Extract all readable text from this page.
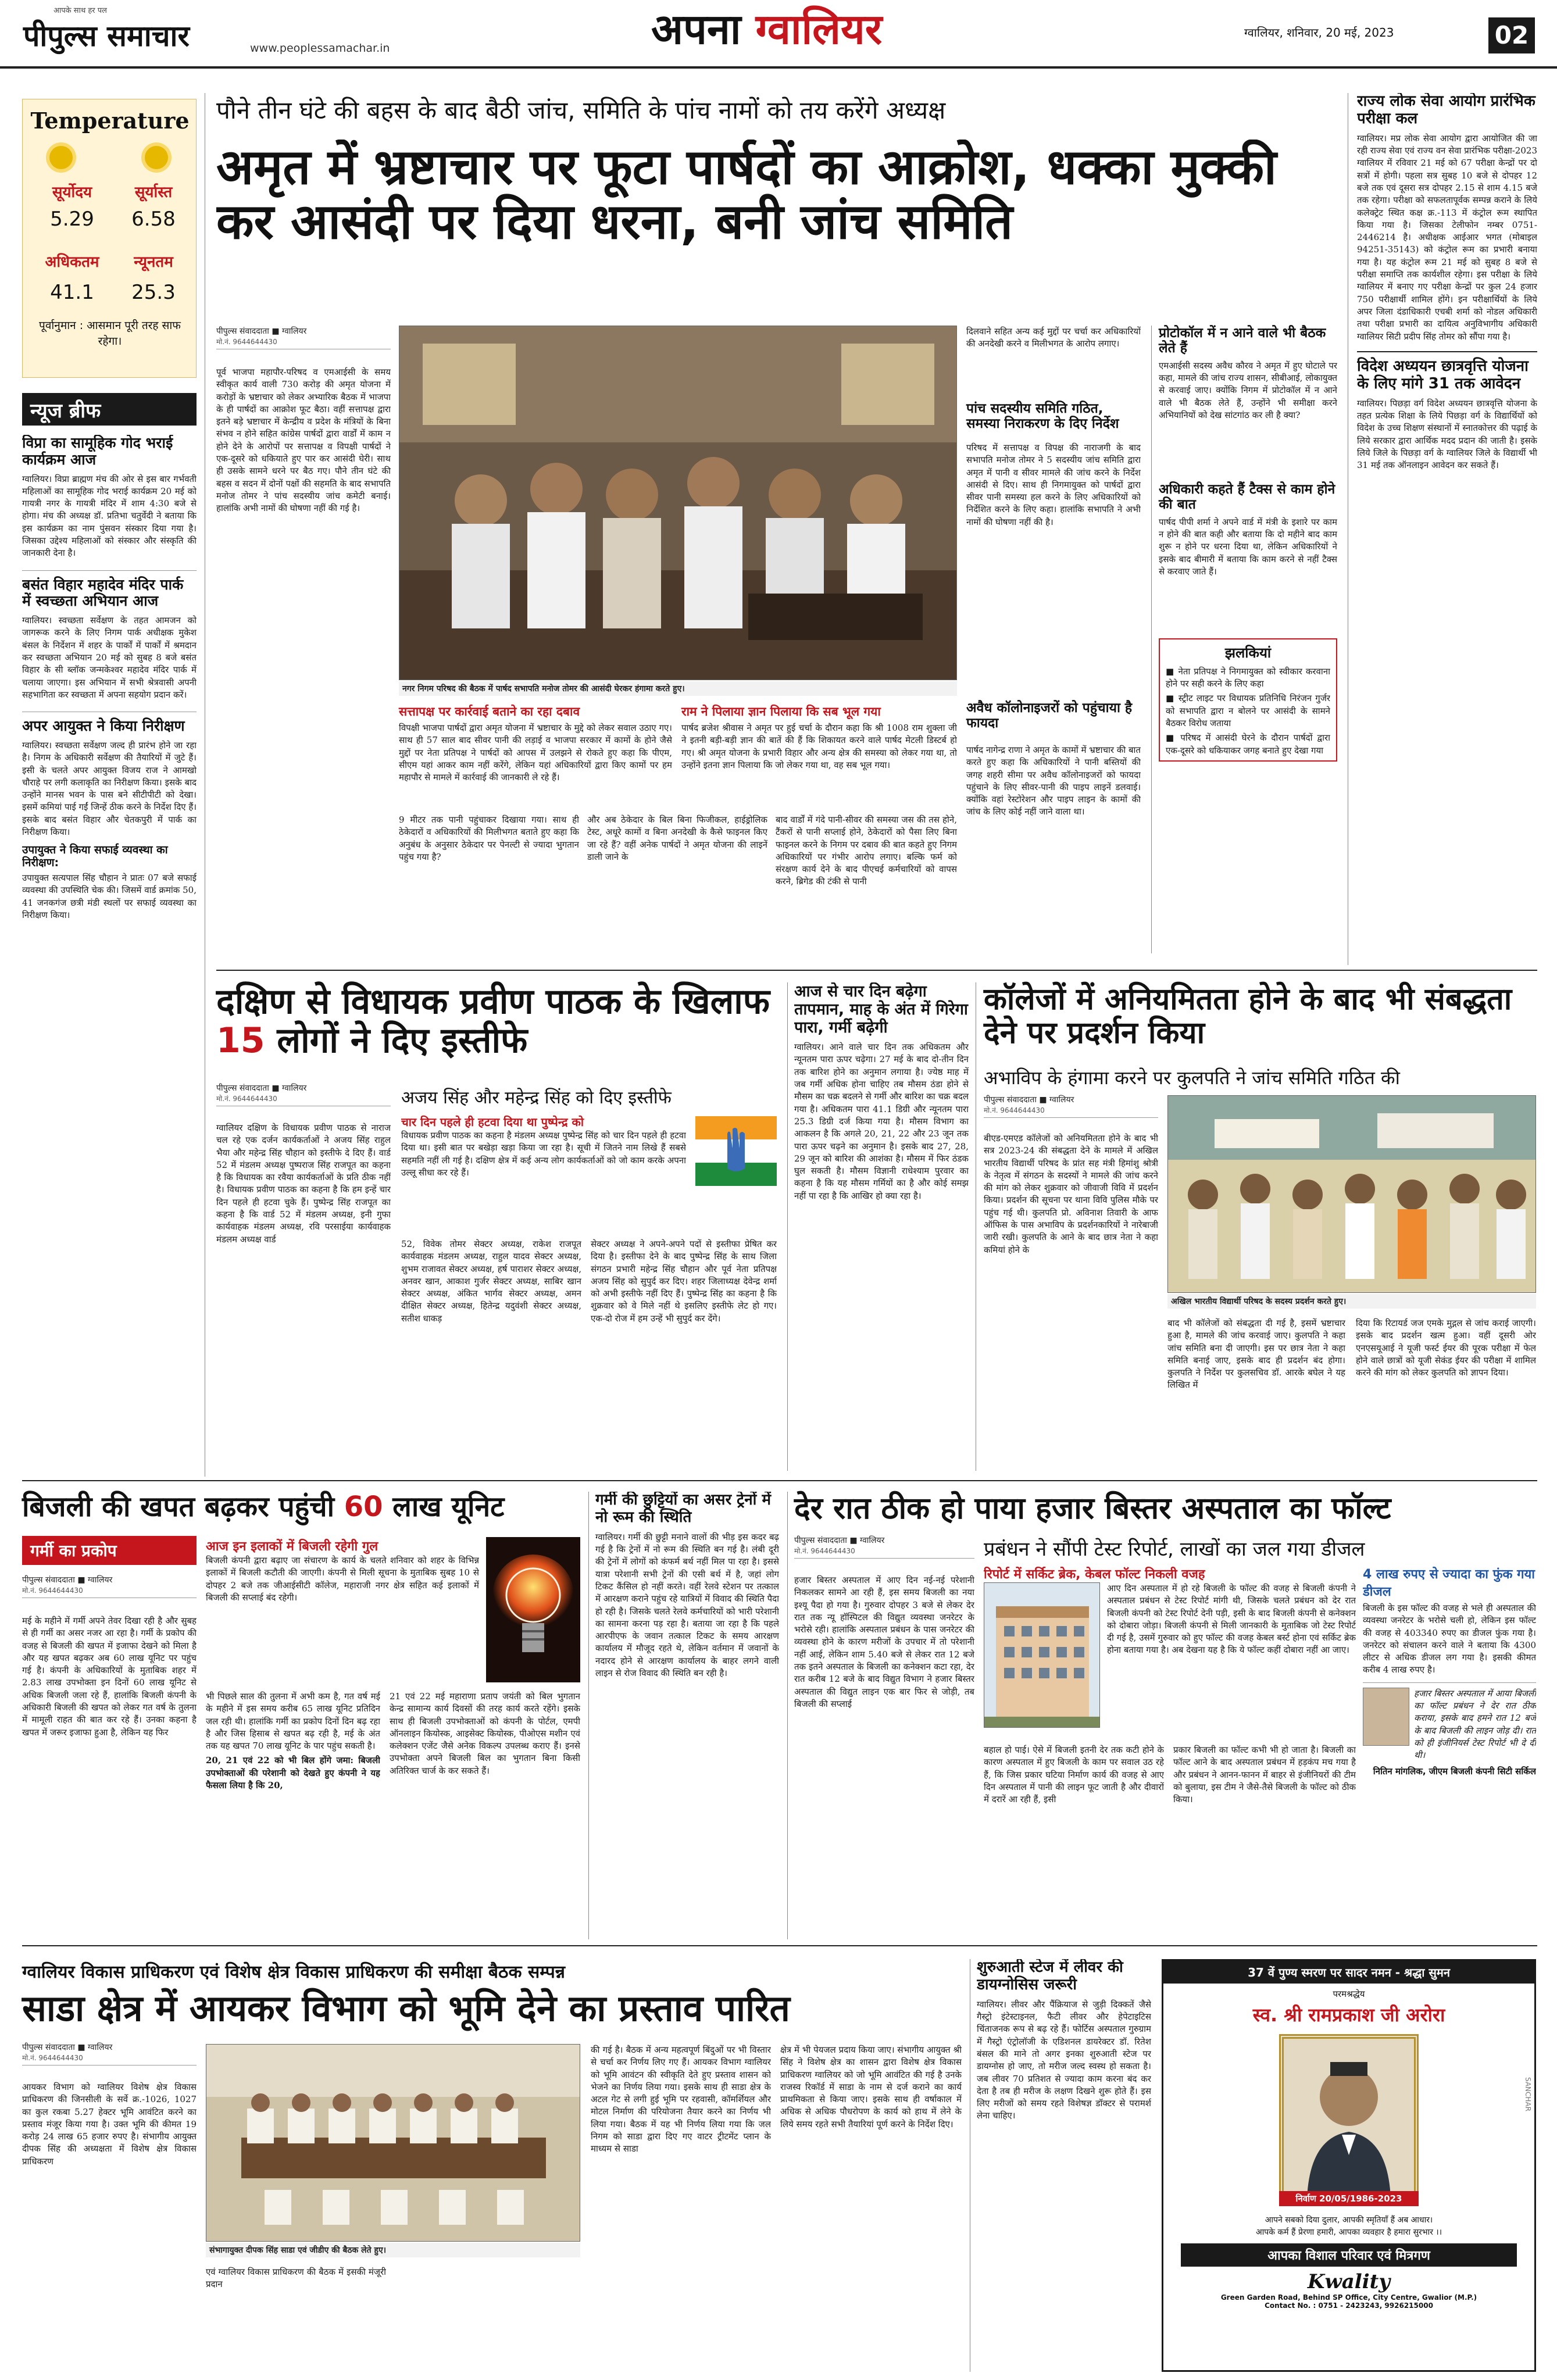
पीपुल्स समाचार
आपके साथ हर पल
www.peoplessamachar.in	अपना ग्वालियर	ग्वालियर, शनिवार, 20 मई, 2023	02
Temperature
सूर्योदय	सूर्यास्त
5.29	6.58
अधिकतम	न्यूनतम
41.1	25.3
पूर्वानुमान : आसमान पूरी तरह साफ रहेगा।
न्यूज ब्रीफ
विप्रा का सामूहिक गोद भराई कार्यक्रम आज
ग्वालियर। विप्रा ब्राह्मण मंच की ओर से इस बार गर्भवती महिलाओं का सामूहिक गोद भराई कार्यक्रम 20 मई को गायत्री नगर के गायत्री मंदिर में शाम 4:30 बजे से होगा। मंच की अध्यक्ष डॉ. प्रतिभा चतुर्वेदी ने बताया कि इस कार्यक्रम का नाम पुंसवन संस्कार दिया गया है। जिसका उद्देश्य महिलाओं को संस्कार और संस्कृति की जानकारी देना है।
बसंत विहार महादेव मंदिर पार्क में स्वच्छता अभियान आज
ग्वालियर। स्वच्छता सर्वेक्षण के तहत आमजन को जागरूक करने के लिए निगम पार्क अधीक्षक मुकेश बंसल के निर्देशन में शहर के पार्कों में पार्कों में श्रमदान कर स्वच्छता अभियान 20 मई को सुबह 8 बजे बसंत विहार के सी ब्लॉक जन्मकेश्वर महादेव मंदिर पार्क में चलाया जाएगा। इस अभियान में सभी श्रेत्रवासी अपनी सहभागिता कर स्वच्छता में अपना सहयोग प्रदान करें।
अपर आयुक्त ने किया निरीक्षण
ग्वालियर। स्वच्छता सर्वेक्षण जल्द ही प्रारंभ होने जा रहा है। निगम के अधिकारी सर्वेक्षण की तैयारियों में जुटे हैं। इसी के चलते अपर आयुक्त विजय राज ने आमखो चौराहे पर लगी कलाकृति का निरीक्षण किया। इसके बाद उन्होंने मानस भवन के पास बने सीटीपीटी को देखा। इसमें कमियां पाई गईं जिन्हें ठीक करने के निर्देश दिए हैं। इसके बाद बसंत विहार और चेतकपुरी में पार्क का निरीक्षण किया।
उपायुक्त ने किया सफाई व्यवस्था का निरीक्षण:
उपायुक्त सत्यपाल सिंह चौहान ने प्रातः 07 बजे सफाई व्यवस्था की उपस्थिति चेक की। जिसमें वार्ड क्रमांक 50, 41 जनकगंज छत्री मंडी स्थलों पर सफाई व्यवस्था का निरीक्षण किया।
पौने तीन घंटे की बहस के बाद बैठी जांच, समिति के पांच नामों को तय करेंगे अध्यक्ष
अमृत में भ्रष्टाचार पर फूटा पार्षदों का आक्रोश, धक्का मुक्की कर आसंदी पर दिया धरना, बनी जांच समिति
पीपुल्स संवाददाता ■ ग्वालियर
मो.नं. 9644644430
पूर्व भाजपा महापौर-परिषद व एमआईसी के समय स्वीकृत कार्य वाली 730 करोड़ की अमृत योजना में करोड़ों के भ्रष्टाचार को लेकर अभ्यारिक बैठक में भाजपा के ही पार्षदों का आक्रोश फूट बैठा। वहीं सत्तापक्ष द्वारा इतने बड़े भ्रष्टाचार में केन्द्रीय व प्रदेश के मंत्रियों के बिना संभव न होने सहित कांग्रेस पार्षदों द्वारा वार्डों में काम न होने देने के आरोपों पर सत्तापक्ष व विपक्षी पार्षदों ने एक-दूसरे को धकियाते हुए पार कर आसंदी घेरी। साथ ही उसके सामने धरने पर बैठ गए। पौने तीन घंटे की बहस व सदन में दोनों पक्षों की सहमति के बाद सभापति मनोज तोमर ने पांच सदस्यीय जांच कमेटी बनाई। हालांकि अभी नामों की घोषणा नहीं की गई है।
नगर निगम परिषद की बैठक में पार्षद सभापति मनोज तोमर की आसंदी घेरकर हंगामा करते हुए।
सत्तापक्ष पर कार्रवाई बताने का रहा दबाव
विपक्षी भाजपा पार्षदों द्वारा अमृत योजना में भ्रष्टाचार के मुद्दे को लेकर सवाल उठाए गए। साथ ही 57 साल बाद सीवर पानी की लड़ाई व भाजपा सरकार में कामों के होने जैसे मुद्दों पर नेता प्रतिपक्ष ने पार्षदों को आपस में उलझने से रोकते हुए कहा कि पीएम, सीएम यहां आकर काम नहीं करेंगे, लेकिन यहां अधिकारियों द्वारा किए कामों पर हम महापौर से मामले में कार्रवाई की जानकारी ले रहे हैं।
राम ने पिलाया ज्ञान पिलाया कि सब भूल गया
पार्षद ब्रजेश श्रीवास ने अमृत पर हुई चर्चा के दौरान कहा कि श्री 1008 राम शुक्ला जी ने इतनी बड़ी-बड़ी ज्ञान की बातें की हैं कि शिकायत करने वाले पार्षद मेटली डिस्टर्ब हो गए। श्री अमृत योजना के प्रभारी विहार और अन्य क्षेत्र की समस्या को लेकर गया था, तो उन्होंने इतना ज्ञान पिलाया कि जो लेकर गया था, वह सब भूल गया।
9 मीटर तक पानी पहुंचाकर दिखाया गया। साथ ही ठेकेदारों व अधिकारियों की मिलीभगत बताते हुए कहा कि अनुबंध के अनुसार ठेकेदार पर पेनल्टी से ज्यादा भुगतान पहुंच गया है?
और अब ठेकेदार के बिल बिना फिजीकल, हाईड्रोलिक टेस्ट, अधूरे कामों व बिना अनदेखी के कैसे फाइनल किए जा रहे हैं? वहीं अनेक पार्षदों ने अमृत योजना की लाइनें डाली जाने के
बाद वार्डों में गंदे पानी-सीवर की समस्या जस की तस होने, टैंकरों से पानी सप्लाई होने, ठेकेदारों को पैसा लिए बिना फाइनल करने के निगम पर दबाव की बात कहते हुए निगम अधिकारियों पर गंभीर आरोप लगाए। बल्कि फर्म को संरक्षण कार्य देने के बाद पीएचई कर्मचारियों को वापस करने, ब्रिगेड की टंकी से पानी
दिलवाने सहित अन्य कई मुद्दों पर चर्चा कर अधिकारियों की अनदेखी करने व मिलीभगत के आरोप लगाए।
पांच सदस्यीय समिति गठित, समस्या निराकरण के दिए निर्देश
परिषद में सत्तापक्ष व विपक्ष की नाराजगी के बाद सभापति मनोज तोमर ने 5 सदस्यीय जांच समिति द्वारा अमृत में पानी व सीवर मामले की जांच करने के निर्देश आसंदी से दिए। साथ ही निगमायुक्त को पार्षदों द्वारा सीवर पानी समस्या हल करने के लिए अधिकारियों को निर्देशित करने के लिए कहा। हालांकि सभापति ने अभी नामों की घोषणा नहीं की है।
अवैध कॉलोनाइजरों को पहुंचाया है फायदा
पार्षद नागेन्द्र राणा ने अमृत के कामों में भ्रष्टाचार की बात करते हुए कहा कि अधिकारियों ने पानी बस्तियों की जगह शहरी सीमा पर अवैध कॉलोनाइजरों को फायदा पहुंचाने के लिए सीवर-पानी की पाइप लाइनें डलवाई। क्योंकि वहां रेस्टोरेशन और पाइप लाइन के कामों की जांच के लिए कोई नहीं जाने वाला था।
प्रोटोकॉल में न आने वाले भी बैठक लेते हैं
एमआईसी सदस्य अवैध कौरव ने अमृत में हुए घोटाले पर कहा, मामले की जांच राज्य शासन, सीबीआई, लोकायुक्त से करवाई जाए। क्योंकि निगम में प्रोटोकॉल में न आने वाले भी बैठक लेते हैं, उन्होंने भी समीक्षा करने अभियानियों को देख सांटगांठ कर ली है क्या?
अधिकारी कहते हैं टैक्स से काम होने की बात
पार्षद पीपी शर्मा ने अपने वार्ड में मंत्री के इशारे पर काम न होने की बात कही और बताया कि दो महीने बाद काम शुरू न होने पर धरना दिया था, लेकिन अधिकारियों ने इसके बाद बीमारी में बताया कि काम करने से नहीं टैक्स से करवाए जाते हैं।
झलकियां
■ नेता प्रतिपक्ष ने निगमायुक्त को स्वीकार करवाना होने पर सही करने के लिए कहा
■ स्ट्रीट लाइट पर विधायक प्रतिनिधि निरंजन गुर्जर को सभापति द्वारा न बोलने पर आसंदी के सामने बैठकर विरोध जताया
■ परिषद में आसंदी घेरने के दौरान पार्षदों द्वारा एक-दूसरे को धकियाकर जगह बनाते हुए देखा गया
राज्य लोक सेवा आयोग प्रारंभिक परीक्षा कल
ग्वालियर। मप्र लोक सेवा आयोग द्वारा आयोजित की जा रही राज्य सेवा एवं राज्य वन सेवा प्रारंभिक परीक्षा-2023 ग्वालियर में रविवार 21 मई को 67 परीक्षा केन्द्रों पर दो सत्रों में होगी। पहला सत्र सुबह 10 बजे से दोपहर 12 बजे तक एवं दूसरा सत्र दोपहर 2.15 से शाम 4.15 बजे तक रहेगा। परीक्षा को सफलतापूर्वक सम्पन्न कराने के लिये कलेक्ट्रेट स्थित कक्ष क्र.-113 में कंट्रोल रूम स्थापित किया गया है। जिसका टेलीफोन नम्बर 0751-2446214 है। अधीक्षक आईआर भगत (मोबाइल 94251-35143) को कंट्रोल रूम का प्रभारी बनाया गया है। यह कंट्रोल रूम 21 मई को सुबह 8 बजे से परीक्षा समाप्ति तक कार्यशील रहेगा। इस परीक्षा के लिये ग्वालियर में बनाए गए परीक्षा केन्द्रों पर कुल 24 हजार 750 परीक्षार्थी शामिल होंगे। इन परीक्षार्थियों के लिये अपर जिला दंडाधिकारी एचबी शर्मा को नोडल अधिकारी तथा परीक्षा प्रभारी का दायित्व अनुविभागीय अधिकारी ग्वालियर सिटी प्रदीप सिंह तोमर को सौंपा गया है।
विदेश अध्ययन छात्रवृत्ति योजना के लिए मांगे 31 तक आवेदन
ग्वालियर। पिछड़ा वर्ग विदेश अध्ययन छात्रवृत्ति योजना के तहत प्रत्येक शिक्षा के लिये पिछड़ा वर्ग के विद्यार्थियों को विदेश के उच्च शिक्षण संस्थानों में स्नातकोत्तर की पढ़ाई के लिये सरकार द्वारा आर्थिक मदद प्रदान की जाती है। इसके लिये जिले के पिछड़ा वर्ग के ग्वालियर जिले के विद्यार्थी भी 31 मई तक ऑनलाइन आवेदन कर सकते हैं।
दक्षिण से विधायक प्रवीण पाठक के खिलाफ 15 लोगों ने दिए इस्तीफे
पीपुल्स संवाददाता ■ ग्वालियर
मो.नं. 9644644430	अजय सिंह और महेन्द्र सिंह को दिए इस्तीफे
चार दिन पहले ही हटवा दिया था पुष्पेन्द्र को
विधायक प्रवीण पाठक का कहना है मंडलम अध्यक्ष पुष्पेन्द्र सिंह को चार दिन पहले ही हटवा दिया था। इसी बात पर बखेड़ा खड़ा किया जा रहा है। सूची में जितने नाम लिखे हैं सबसे सहमति नहीं ली गई है। दक्षिण क्षेत्र में कई अन्य लोग कार्यकर्ताओं को जो काम करके अपना उल्लू सीधा कर रहे हैं।
ग्वालियर दक्षिण के विधायक प्रवीण पाठक से नाराज चल रहे एक दर्जन कार्यकर्ताओं ने अजय सिंह राहुल भैया और महेन्द्र सिंह चौहान को इस्तीफे दे दिए हैं। वार्ड 52 में मंडलम अध्यक्ष पुष्पराज सिंह राजपूत का कहना है कि विधायक का रवैया कार्यकर्ताओं के प्रति ठीक नहीं है। विधायक प्रवीण पाठक का कहना है कि हम इन्हें चार दिन पहले ही हटवा चुके हैं। पुष्पेन्द्र सिंह राजपूत का कहना है कि वार्ड 52 में मंडलम अध्यक्ष, इनी गुफा कार्यवाहक मंडलम अध्यक्ष, रवि परसाईया कार्यवाहक मंडलम अध्यक्ष वार्ड	52, विवेक तोमर सेक्टर अध्यक्ष, राकेश राजपूत कार्यवाहक मंडलम अध्यक्ष, राहुल यादव सेक्टर अध्यक्ष, शुभम राजावत सेक्टर अध्यक्ष, हर्ष पाराशर सेक्टर अध्यक्ष, अनवर खान, आकाश गुर्जर सेक्टर अध्यक्ष, साबिर खान सेक्टर अध्यक्ष, अंकित भार्गव सेक्टर अध्यक्ष, अमन दीक्षित सेक्टर अध्यक्ष, हितेन्द्र यदुवंशी सेक्टर अध्यक्ष, सतीश धाकड़
सेक्टर अध्यक्ष ने अपने-अपने पदों से इस्तीफा प्रेषित कर दिया है। इस्तीफा देने के बाद पुष्पेन्द्र सिंह के साथ जिला संगठन प्रभारी महेन्द्र सिंह चौहान और पूर्व नेता प्रतिपक्ष अजय सिंह को सुपुर्द कर दिए। शहर जिलाध्यक्ष देवेन्द्र शर्मा को अभी इस्तीफे नहीं दिए हैं। पुष्पेन्द्र सिंह का कहना है कि शुक्रवार को वे मिले नहीं थे इसलिए इस्तीफे लेट हो गए। एक-दो रोज में हम उन्हें भी सुपुर्द कर देंगे।
आज से चार दिन बढ़ेगा तापमान, माह के अंत में गिरेगा पारा, गर्मी बढ़ेगी
ग्वालियर। आने वाले चार दिन तक अधिकतम और न्यूनतम पारा ऊपर चढ़ेगा। 27 मई के बाद दो-तीन दिन तक बारिश होने का अनुमान लगाया है। ज्येष्ठ माह में जब गर्मी अधिक होना चाहिए तब मौसम ठंडा होने से मौसम का चक्र बदलने से गर्मी और बारिश का चक्र बदल गया है। अधिकतम पारा 41.1 डिग्री और न्यूनतम पारा 25.3 डिग्री दर्ज किया गया है। मौसम विभाग का आकलन है कि अगले 20, 21, 22 और 23 जून तक पारा ऊपर चढ़ने का अनुमान है। इसके बाद 27, 28, 29 जून को बारिश की आशंका है। मौसम में फिर ठंडक घुल सकती है। मौसम विज्ञानी राधेश्याम पुरवार का कहना है कि यह मौसम गर्मियों का है और कोई समझ नहीं पा रहा है कि आखिर हो क्या रहा है।
कॉलेजों में अनियमितता होने के बाद भी संबद्धता देने पर प्रदर्शन किया
अभाविप के हंगामा करने पर कुलपति ने जांच समिति गठित की
पीपुल्स संवाददाता ■ ग्वालियर
मो.नं. 9644644430
बीएड-एमएड कॉलेजों को अनियमितता होने के बाद भी सत्र 2023-24 की संबद्धता देने के मामले में अखिल भारतीय विद्यार्थी परिषद के प्रांत सह मंत्री हिमांशु श्रोत्री के नेतृत्व में संगठन के सदस्यों ने मामले की जांच करने की मांग को लेकर शुक्रवार को जीवाजी विवि में प्रदर्शन किया। प्रदर्शन की सूचना पर थाना विवि पुलिस मौके पर पहुंच गई थी। कुलपति प्रो. अविनाश तिवारी के आफ ऑफिस के पास अभाविप के प्रदर्शनकारियों ने नारेबाजी जारी रखी। कुलपति के आने के बाद छात्र नेता ने कहा कमियां होने के
अखिल भारतीय विद्यार्थी परिषद के सदस्य प्रदर्शन करते हुए।
बाद भी कॉलेजों को संबद्धता दी गई है, इसमें भ्रष्टाचार हुआ है, मामले की जांच करवाई जाए। कुलपति ने कहा जांच समिति बना दी जाएगी। इस पर छात्र नेता ने कहा समिति बनाई जाए, इसके बाद ही प्रदर्शन बंद होगा। कुलपति ने निर्देश पर कुलसचिव डॉ. आरके बघेल ने यह लिखित में
दिया कि रिटायर्ड जज एमके मुद्गल से जांच कराई जाएगी। इसके बाद प्रदर्शन खत्म हुआ। वहीं दूसरी ओर एनएसयूआई ने यूजी फर्स्ट ईयर की पूरक परीक्षा में फेल होने वाले छात्रों को यूजी सेकंड ईयर की परीक्षा में शामिल करने की मांग को लेकर कुलपति को ज्ञापन दिया।
बिजली की खपत बढ़कर पहुंची 60 लाख यूनिट
गर्मी का प्रकोप
पीपुल्स संवाददाता ■ ग्वालियर
मो.नं. 9644644430
मई के महीने में गर्मी अपने तेवर दिखा रही है और सुबह से ही गर्मी का असर नजर आ रहा है। गर्मी के प्रकोप की वजह से बिजली की खपत में इजाफा देखने को मिला है और यह खपत बढ़कर अब 60 लाख यूनिट पर पहुंच गई है। कंपनी के अधिकारियों के मुताबिक शहर में 2.83 लाख उपभोक्ता इन दिनों 60 लाख यूनिट से अधिक बिजली जला रहे हैं, हालांकि बिजली कंपनी के अधिकारी बिजली की खपत को लेकर गत वर्ष के तुलना में मामूली राहत की बात कर रहे हैं। उनका कहना है खपत में जरूर इजाफा हुआ है, लेकिन यह फिर
आज इन इलाकों में बिजली रहेगी गुल
बिजली कंपनी द्वारा बढ़ाए जा संचारण के कार्य के चलते शनिवार को शहर के विभिन्न इलाकों में बिजली कटौती की जाएगी। कंपनी से मिली सूचना के मुताबिक सुबह 10 से दोपहर 2 बजे तक जीआईसीटी कॉलेज, महाराजी नगर क्षेत्र सहित कई इलाकों में बिजली की सप्लाई बंद रहेगी।
भी पिछले साल की तुलना में अभी कम है, गत वर्ष मई के महीने में इस समय करीब 65 लाख यूनिट प्रतिदिन जल रही थी। हालांकि गर्मी का प्रकोप दिनों दिन बढ़ रहा है और जिस हिसाब से खपत बढ़ रही है, मई के अंत तक यह खपत 70 लाख यूनिट के पार पहुंच सकती है।
20, 21 एवं 22 को भी बिल होंगे जमा: बिजली उपभोक्ताओं की परेशानी को देखते हुए कंपनी ने यह फैसला लिया है कि 20,
21 एवं 22 मई महाराणा प्रताप जयंती को बिल भुगतान केन्द्र सामान्य कार्य दिवसों की तरह कार्य करते रहेंगे। इसके साथ ही बिजली उपभोक्ताओं को कंपनी के पोर्टल, एमपी ऑनलाइन कियोस्क, आइसेक्ट कियोस्क, पीओएस मशीन एवं कलेक्शन एजेंट जैसे अनेक विकल्प उपलब्ध कराए हैं। इनसे उपभोक्ता अपने बिजली बिल का भुगतान बिना किसी अतिरिक्त चार्ज के कर सकते हैं।
गर्मी की छुट्टियों का असर ट्रेनों में नो रूम की स्थिति
ग्वालियर। गर्मी की छुट्टी मनाने वालों की भीड़ इस कदर बढ़ गई है कि ट्रेनों में नो रूम की स्थिति बन गई है। लंबी दूरी की ट्रेनों में लोगों को कंफर्म बर्थ नहीं मिल पा रहा है। इससे यात्रा परेशानी सभी ट्रेनों की एसी बर्थ में है, जहां लोग टिकट कैंसिल हो नहीं करते। वहीं रेलवे स्टेशन पर तत्काल में आरक्षण कराने पहुंच रहे यात्रियों में विवाद की स्थिति पैदा हो रही है। जिसके चलते रेलवे कर्मचारियों को भारी परेशानी का सामना करना पड़ रहा है। बताया जा रहा है कि पहले आरपीएफ के जवान तत्काल टिकट के समय आरक्षण कार्यालय में मौजूद रहते थे, लेकिन वर्तमान में जवानों के नदारद होने से आरक्षण कार्यालय के बाहर लगने वाली लाइन से रोज विवाद की स्थिति बन रही है।
देर रात ठीक हो पाया हजार बिस्तर अस्पताल का फॉल्ट
प्रबंधन ने सौंपी टेस्ट रिपोर्ट, लाखों का जल गया डीजल
पीपुल्स संवाददाता ■ ग्वालियर
मो.नं. 9644644430
हजार बिस्तर अस्पताल में आए दिन नई-नई परेशानी निकलकर सामने आ रही हैं, इस समय बिजली का नया इश्यू पैदा हो गया है। गुरुवार दोपहर 3 बजे से लेकर देर रात तक न्यू हॉस्पिटल की विद्युत व्यवस्था जनरेटर के भरोसे रही। हालांकि अस्पताल प्रबंधन के पास जनरेटर की व्यवस्था होने के कारण मरीजों के उपचार में तो परेशानी नहीं आई, लेकिन शाम 5.40 बजे से लेकर रात 12 बजे तक इतने अस्पताल के बिजली का कनेक्शन कटा रहा, देर रात करीब 12 बजे के बाद विद्युत विभाग ने हजार बिस्तर अस्पताल की विद्युत लाइन एक बार फिर से जोड़ी, तब बिजली की सप्लाई
रिपोर्ट में सर्किट ब्रेक, केबल फॉल्ट निकली वजह
आए दिन अस्पताल में हो रहे बिजली के फॉल्ट की वजह से बिजली कंपनी ने अस्पताल प्रबंधन से टेस्ट रिपोर्ट मांगी थी, जिसके चलते प्रबंधन को देर रात बिजली कंपनी को टेस्ट रिपोर्ट देनी पड़ी, इसी के बाद बिजली कंपनी से कनेक्शन को दोबारा जोड़ा। बिजली कंपनी से मिली जानकारी के मुताबिक जो टेस्ट रिपोर्ट दी गई है, उसमें गुरुवार को हुए फॉल्ट की वजह केबल बर्स्ट होना एवं सर्किट ब्रेक होना बताया गया है। अब देखना यह है कि ये फॉल्ट कहीं दोबारा नहीं आ जाए।
बहाल हो पाई। ऐसे में बिजली इतनी देर तक कटी होने के कारण अस्पताल में हुए बिजली के काम पर सवाल उठ रहे हैं, कि जिस प्रकार घटिया निर्माण कार्य की वजह से आए दिन अस्पताल में पानी की लाइन फूट जाती है और दीवारों में दरारें आ रही हैं, इसी
प्रकार बिजली का फॉल्ट कभी भी हो जाता है। बिजली का फॉल्ट आने के बाद अस्पताल प्रबंधन में हड़कंप मच गया है और प्रबंधन ने आनन-फानन में बाहर से इंजीनियरों की टीम को बुलाया, इस टीम ने जैसे-तैसे बिजली के फॉल्ट को ठीक किया।
4 लाख रुपए से ज्यादा का फुंक गया डीजल
बिजली के इस फॉल्ट की वजह से भले ही अस्पताल की व्यवस्था जनरेटर के भरोसे चली हो, लेकिन इस फॉल्ट की वजह से 403340 रुपए का डीजल फुंक गया है। जनरेटर को संचालन करने वाले ने बताया कि 4300 लीटर से अधिक डीजल लग गया है। इसकी कीमत करीब 4 लाख रुपए है।
हजार बिस्तर अस्पताल में आया बिजली का फॉल्ट प्रबंधन ने देर रात ठीक कराया, इसके बाद हमने रात 12 बजे के बाद बिजली की लाइन जोड़ दी। रात को ही इंजीनियर्स टेस्ट रिपोर्ट भी दे दी थी।
नितिन मांगलिक, जीएम बिजली कंपनी सिटी सर्किल
ग्वालियर विकास प्राधिकरण एवं विशेष क्षेत्र विकास प्राधिकरण की समीक्षा बैठक सम्पन्न
साडा क्षेत्र में आयकर विभाग को भूमि देने का प्रस्ताव पारित
पीपुल्स संवाददाता ■ ग्वालियर
मो.नं. 9644644430
आयकर विभाग को ग्वालियर विशेष क्षेत्र विकास प्राधिकरण की जिनसीली के सर्वे क्र.-1026, 1027 का कुल रकबा 5.27 हेक्टर भूमि आवंटित करने का प्रस्ताव मंजूर किया गया है। उक्त भूमि की कीमत 19 करोड़ 24 लाख 65 हजार रुपए है। संभागीय आयुक्त दीपक सिंह की अध्यक्षता में विशेष क्षेत्र विकास प्राधिकरण
संभागायुक्त दीपक सिंह साडा एवं जीडीए की बैठक लेते हुए।
एवं ग्वालियर विकास प्राधिकरण की बैठक में इसकी मंजूरी प्रदान
की गई है। बैठक में अन्य महत्वपूर्ण बिंदुओं पर भी विस्तार से चर्चा कर निर्णय लिए गए हैं। आयकर विभाग ग्वालियर को भूमि आवंटन की स्वीकृति देते हुए प्रस्ताव शासन को भेजने का निर्णय लिया गया। इसके साथ ही साडा क्षेत्र के अटल गेट से लगी हुई भूमि पर रहवासी, कॉमर्शियल और मोटल निर्माण की परियोजना तैयार करने का निर्णय भी लिया गया। बैठक में यह भी निर्णय लिया गया कि जल निगम को साडा द्वारा दिए गए वाटर ट्रीटमेंट प्लान के माध्यम से साडा
क्षेत्र में भी पेयजल प्रदाय किया जाए। संभागीय आयुक्त श्री सिंह ने विशेष क्षेत्र का शासन द्वारा विशेष क्षेत्र विकास प्राधिकरण ग्वालियर को जो भूमि आवंटित की गई है उनके राजस्व रिकॉर्ड में साडा के नाम से दर्ज कराने का कार्य प्राथमिकता से किया जाए। इसके साथ ही वर्षाकाल में अधिक से अधिक पौधरोपण के कार्य को हाथ में लेने के लिये समय रहते सभी तैयारियां पूर्ण करने के निर्देश दिए।
शुरुआती स्टेज में लीवर की डायग्नोसिस जरूरी
ग्वालियर। लीवर और पैंक्रियाज से जुड़ी दिक्कतें जैसे गैस्ट्रो इंटेस्टाइनल, फैटी लीवर और हेपेटाइटिस चिंताजनक रूप से बढ़ रहे हैं। फोर्टिस अस्पताल गुरुग्राम में गैस्ट्रो एंट्रोलॉजी के एडिशनल डायरेक्टर डॉ. रितेश बंसल की माने तो अगर इनका शुरुआती स्टेज पर डायग्नोस हो जाए, तो मरीज जल्द स्वस्थ हो सकता है। जब लीवर 70 प्रतिशत से ज्यादा काम करना बंद कर देता है तब ही मरीज के लक्षण दिखने शुरू होते हैं। इस लिए मरीजों को समय रहते विशेषज्ञ डॉक्टर से परामर्श लेना चाहिए।
37 वें पुण्य स्मरण पर सादर नमन - श्रद्धा सुमन
परमश्रद्धेय
स्व. श्री रामप्रकाश जी अरोरा
निर्वाण 20/05/1986-2023
आपने सबको दिया दुलार, आपकी स्मृतियाँ हैं अब आधार।
आपके कर्म हैं प्रेरणा हमारी, आपका व्यवहार है हमारा सुरभार ।।
आपका विशाल परिवार एवं मित्रगण
Kwality
Green Garden Road, Behind SP Office, City Centre, Gwalior (M.P.)
Contact No. : 0751 - 2423243, 9926215000
SANCHAR
